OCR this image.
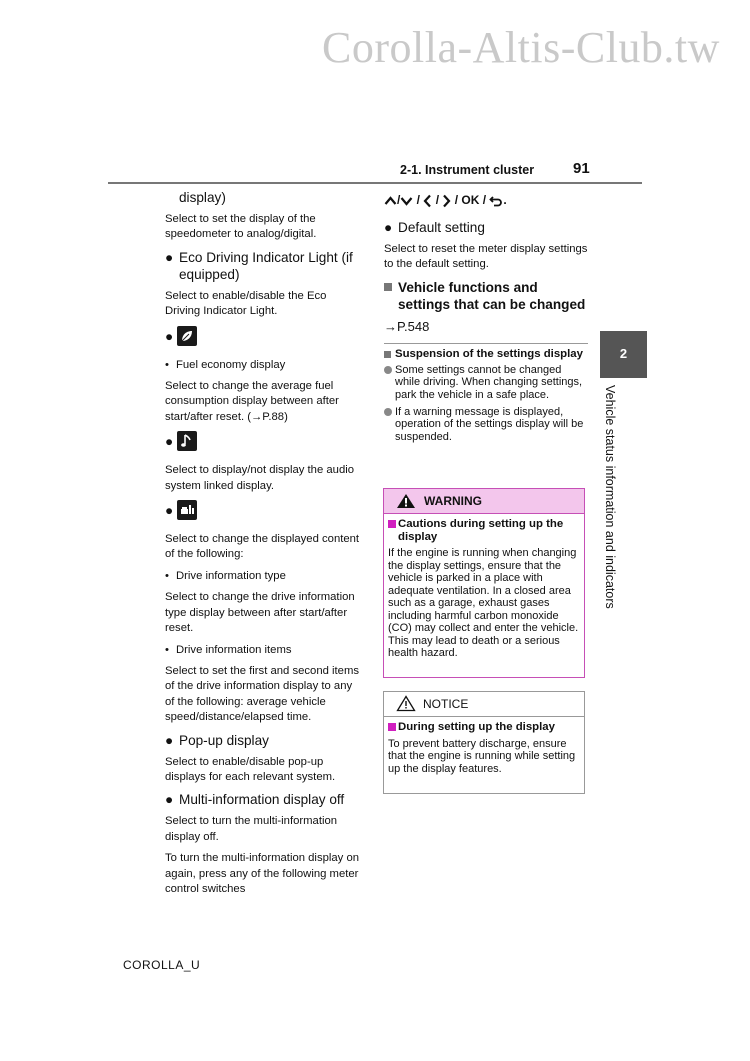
Corolla-Altis-Club.tw
2-1. Instrument cluster	91
display)

Select to set the display of the speedometer to analog/digital.

● Eco Driving Indicator Light (if equipped)

Select to enable/disable the Eco Driving Indicator Light.

●
• Fuel economy display

Select to change the average fuel consumption display between after start/after reset. (→P.88)

●

Select to display/not display the audio system linked display.

●

Select to change the displayed content of the following:

• Drive information type

Select to change the drive information type display between after start/after reset.

• Drive information items

Select to set the first and second items of the drive information display to any of the following: average vehicle speed/distance/elapsed time.

● Pop-up display

Select to enable/disable pop-up displays for each relevant system.

● Multi-information display off

Select to turn the multi-information display off.

To turn the multi-information display on again, press any of the following meter control switches

/ /  /  / OK / .
● Default setting

Select to reset the meter display settings to the default setting.

Vehicle functions and settings that can be changed
→P.548
Suspension of the settings display
Some settings cannot be changed while driving. When changing settings, park the vehicle in a safe place.
If a warning message is displayed, operation of the settings display will be suspended.
WARNING
Cautions during setting up the display

If the engine is running when changing the display settings, ensure that the vehicle is parked in a place with adequate ventilation. In a closed area such as a garage, exhaust gases including harmful carbon monoxide (CO) may collect and enter the vehicle. This may lead to death or a serious health hazard.

NOTICE
During setting up the display

To prevent battery discharge, ensure that the engine is running while setting up the display features.

2
Vehicle status information and indicators
COROLLA_U
